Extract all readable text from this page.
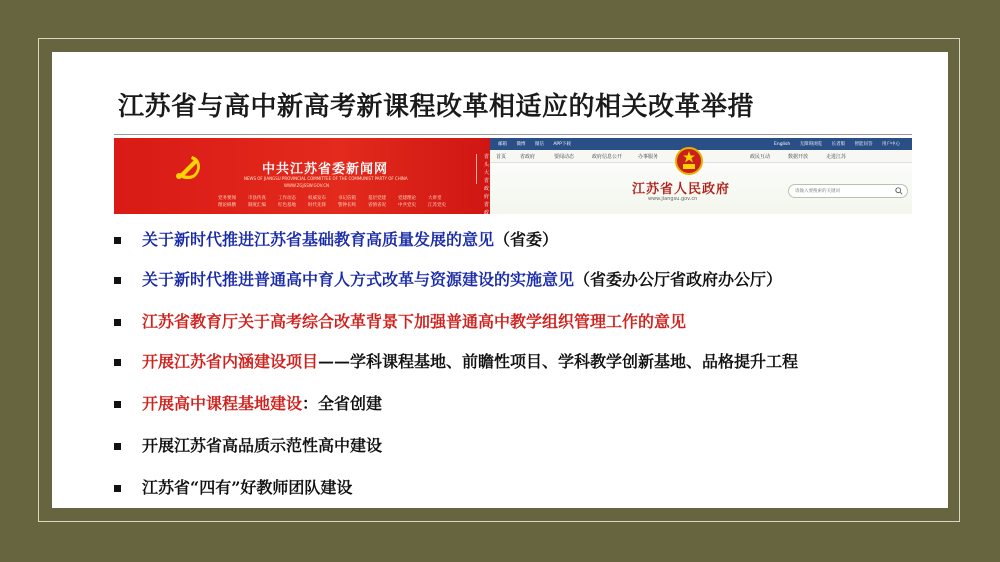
江苏省与高中新高考新课程改革相适应的相关改革举措
中共江苏省委新闻网
NEWS OF JIANGSU PROVINCIAL COMMITTEE OF THE COMMUNIST PARTY OF CHINA
WWW.ZGJSSW.GOV.CN
省头大
省政府
省政协
党务要闻	市县传真	工作动态	权威发布	书记信箱	基层党建	党建理论	大讲堂
理论纵横	制度汇编	红色基地	时代先锋	警钟长鸣	省情省况	中共党史	江苏党史
邮箱 微博 微信 APP下载	English 无障碍浏览 长者版 智能问答 用户中心
首页	省政府	要闻动态	政府信息公开	办事服务	政民互动	数据开放	走进江苏
江苏省人民政府
www.jiangsu.gov.cn
请输入要搜索的关键词
关于新时代推进江苏省基础教育高质量发展的意见（省委）
关于新时代推进普通高中育人方式改革与资源建设的实施意见（省委办公厅省政府办公厅）
江苏省教育厅关于高考综合改革背景下加强普通高中教学组织管理工作的意见
开展江苏省内涵建设项目——学科课程基地、前瞻性项目、学科教学创新基地、品格提升工程
开展高中课程基地建设：全省创建
开展江苏省高品质示范性高中建设
江苏省“四有”好教师团队建设
